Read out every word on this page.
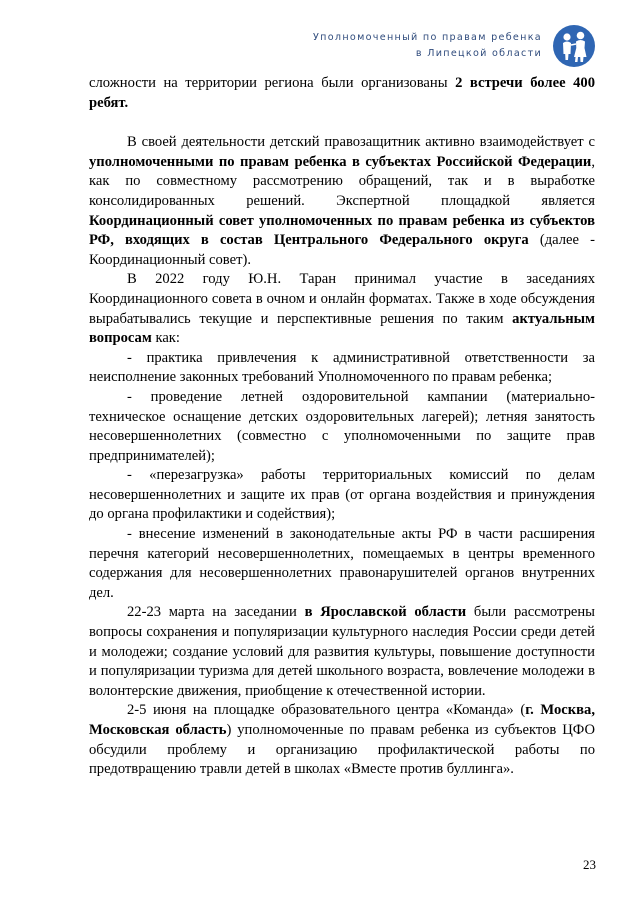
Уполномоченный по правам ребенка
в Липецкой области

сложности на территории региона были организованы 2 встречи более 400 ребят.

В своей деятельности детский правозащитник активно взаимодействует с уполномоченными по правам ребенка в субъектах Российской Федерации, как по совместному рассмотрению обращений, так и в выработке консолидированных решений. Экспертной площадкой является Координационный совет уполномоченных по правам ребенка из субъектов РФ, входящих в состав Центрального Федерального округа (далее - Координационный совет).

В 2022 году Ю.Н. Таран принимал участие в заседаниях Координационного совета в очном и онлайн форматах. Также в ходе обсуждения вырабатывались текущие и перспективные решения по таким актуальным вопросам как:

- практика привлечения к административной ответственности за неисполнение законных требований Уполномоченного по правам ребенка;

- проведение летней оздоровительной кампании (материально-техническое оснащение детских оздоровительных лагерей); летняя занятость несовершеннолетних (совместно с уполномоченными по защите прав предпринимателей);

- «перезагрузка» работы территориальных комиссий по делам несовершеннолетних и защите их прав (от органа воздействия и принуждения до органа профилактики и содействия);

- внесение изменений в законодательные акты РФ в части расширения перечня категорий несовершеннолетних, помещаемых в центры временного содержания для несовершеннолетних правонарушителей органов внутренних дел.

22-23 марта на заседании в Ярославской области были рассмотрены вопросы сохранения и популяризации культурного наследия России среди детей и молодежи; создание условий для развития культуры, повышение доступности и популяризации туризма для детей школьного возраста, вовлечение молодежи в волонтерские движения, приобщение к отечественной истории.

2-5 июня на площадке образовательного центра «Команда» (г. Москва, Московская область) уполномоченные по правам ребенка из субъектов ЦФО обсудили проблему и организацию профилактической работы по предотвращению травли детей в школах «Вместе против буллинга».

23
